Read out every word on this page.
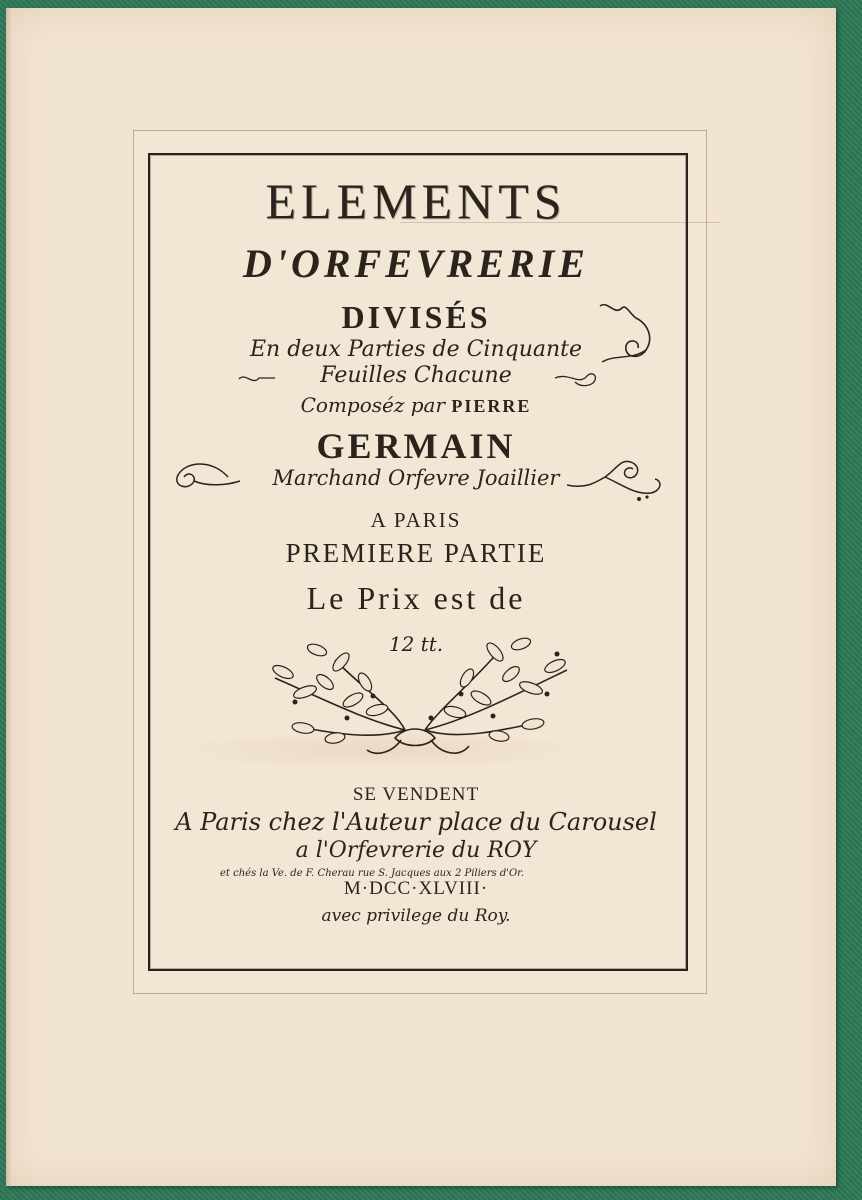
ELEMENTS
D'ORFEVRERIE
DIVISÉS
En deux Parties de Cinquante
Feuilles Chacune
Composéz par PIERRE
GERMAIN
Marchand Orfevre Joaillier
A PARIS
PREMIERE PARTIE
Le Prix est de
12 tt.
SE VENDENT
A Paris chez l'Auteur place du Carousel
a l'Orfevrerie du ROY
et chés la Ve. de F. Cherau rue S. Jacques aux 2 Piliers d'Or.
M·DCC·XLVIII·
avec privilege du Roy.
